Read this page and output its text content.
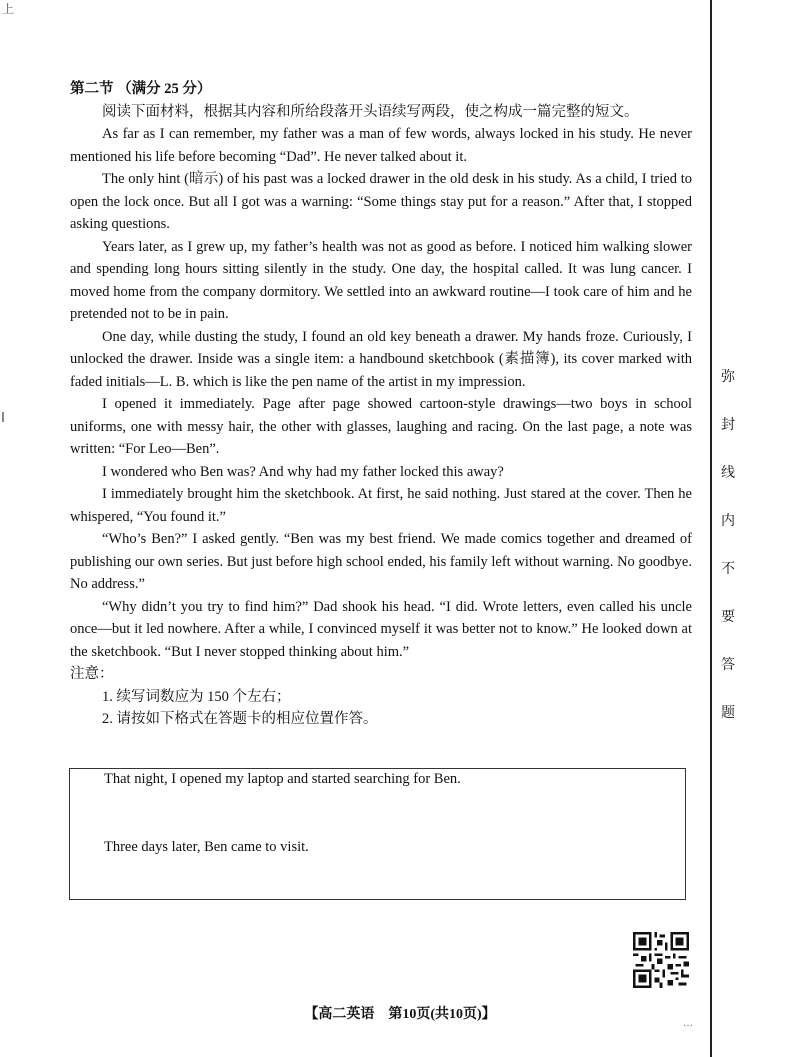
上
第二节 （满分 25 分）

阅读下面材料，根据其内容和所给段落开头语续写两段，使之构成一篇完整的短文。

As far as I can remember, my father was a man of few words, always locked in his study. He never mentioned his life before becoming “Dad”. He never talked about it.

The only hint (暗示) of his past was a locked drawer in the old desk in his study. As a child, I tried to open the lock once. But all I got was a warning: “Some things stay put for a reason.” After that, I stopped asking questions.

Years later, as I grew up, my father’s health was not as good as before. I noticed him walking slower and spending long hours sitting silently in the study. One day, the hospital called. It was lung cancer. I moved home from the company dormitory. We settled into an awkward routine—I took care of him and he pretended not to be in pain.

One day, while dusting the study, I found an old key beneath a drawer. My hands froze. Curiously, I unlocked the drawer. Inside was a single item: a handbound sketchbook (素描簿), its cover marked with faded initials—L. B. which is like the pen name of the artist in my impression.

I opened it immediately. Page after page showed cartoon-style drawings—two boys in school uniforms, one with messy hair, the other with glasses, laughing and racing. On the last page, a note was written: “For Leo—Ben”.

I wondered who Ben was? And why had my father locked this away?

I immediately brought him the sketchbook. At first, he said nothing. Just stared at the cover. Then he whispered, “You found it.”

“Who’s Ben?” I asked gently. “Ben was my best friend. We made comics together and dreamed of publishing our own series. But just before high school ended, his family left without warning. No goodbye. No address.”

“Why didn’t you try to find him?” Dad shook his head. “I did. Wrote letters, even called his uncle once—but it led nowhere. After a while, I convinced myself it was better not to know.” He looked down at the sketchbook. “But I never stopped thinking about him.”

注意：

1. 续写词数应为 150 个左右；

2. 请按如下格式在答题卡的相应位置作答。

That night, I opened my laptop and started searching for Ben.
Three days later, Ben came to visit.
弥
封
线
内
不
要
答
题
【高二英语　第10页(共10页)】
…
